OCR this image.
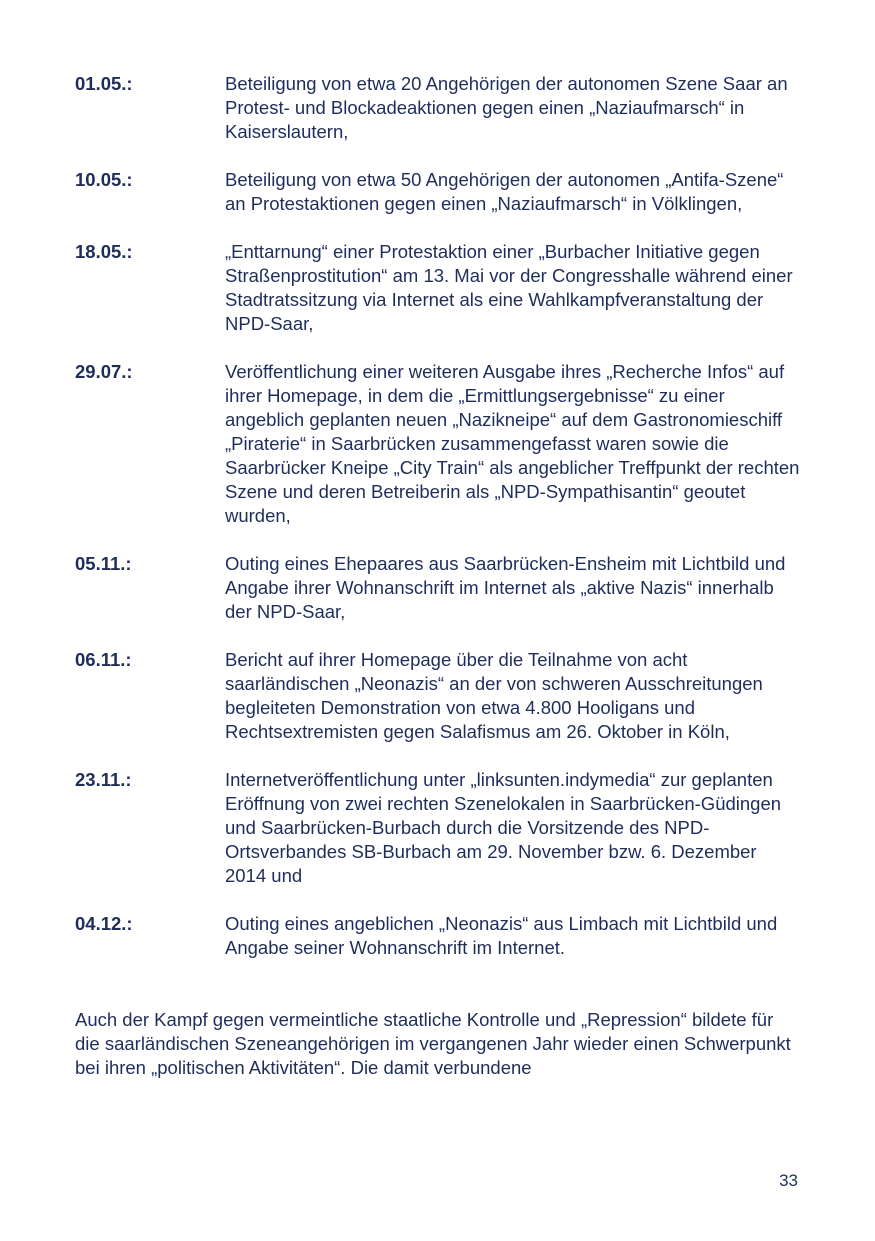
01.05.:	Beteiligung von etwa 20 Angehörigen der autonomen Szene Saar an Protest- und Blockadeaktionen gegen einen „Naziaufmarsch“ in Kaiserslautern,
10.05.:	Beteiligung von etwa 50 Angehörigen der autonomen „Antifa-Szene“ an Protestaktionen gegen einen „Naziaufmarsch“ in Völklingen,
18.05.:	„Enttarnung“ einer Protestaktion einer „Burbacher Initiative gegen Straßenprostitution“ am 13. Mai vor der Congresshalle während einer Stadtratssitzung via Internet als eine Wahlkampfveranstaltung der NPD-Saar,
29.07.:	Veröffentlichung einer weiteren Ausgabe ihres „Recherche Infos“ auf ihrer Homepage, in dem die „Ermittlungsergebnisse“ zu einer angeblich geplanten neuen „Nazikneipe“ auf dem Gastronomieschiff „Piraterie“ in Saarbrücken zusammengefasst waren sowie die Saarbrücker Kneipe „City Train“ als angeblicher Treffpunkt der rechten Szene und deren Betreiberin als „NPD-Sympathisantin“ geoutet wurden,
05.11.:	Outing eines Ehepaares aus Saarbrücken-Ensheim mit Lichtbild und Angabe ihrer Wohnanschrift im Internet als „aktive Nazis“ innerhalb der NPD-Saar,
06.11.:	Bericht auf ihrer Homepage über die Teilnahme von acht saarländischen „Neonazis“ an der von schweren Ausschreitungen begleiteten Demonstration von etwa 4.800 Hooligans und Rechtsextremisten gegen Salafismus am 26. Oktober in Köln,
23.11.:	Internetveröffentlichung unter „linksunten.indymedia“ zur geplanten Eröffnung von zwei rechten Szenelokalen in Saarbrücken-Güdingen und Saarbrücken-Burbach durch die Vorsitzende des NPD-Ortsverbandes SB-Burbach am 29. November bzw. 6. Dezember 2014 und
04.12.:	Outing eines angeblichen „Neonazis“ aus Limbach mit Lichtbild und Angabe seiner Wohnanschrift im Internet.

Auch der Kampf gegen vermeintliche staatliche Kontrolle und „Repression“ bildete für die saarländischen Szeneangehörigen im vergangenen Jahr wieder einen Schwerpunkt bei ihren „politischen Aktivitäten“. Die damit verbundene

33
